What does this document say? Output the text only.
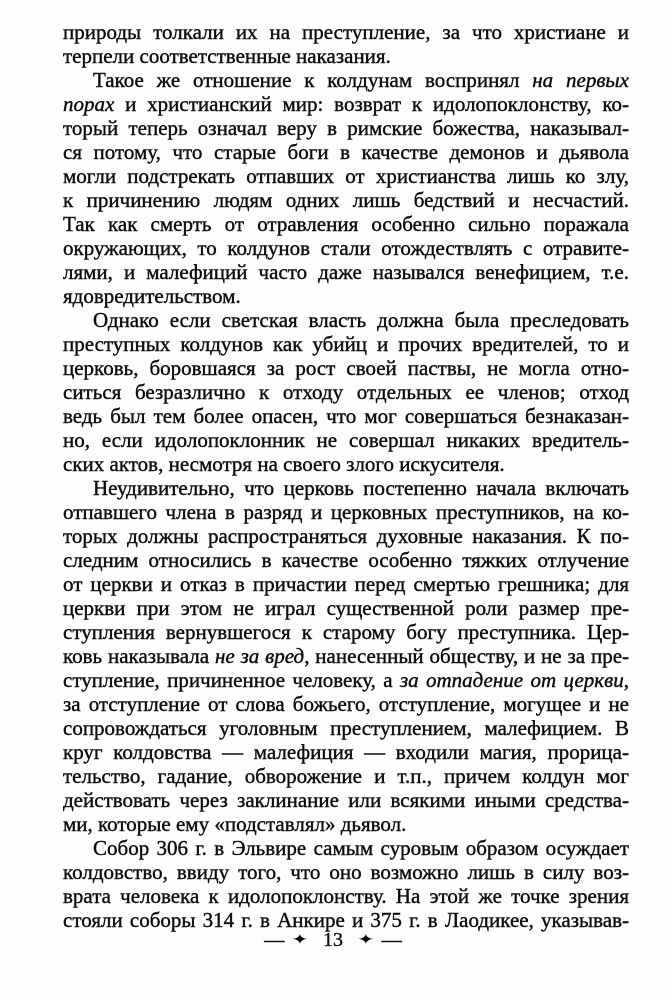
природы толкали их на преступление, за что христиане и
терпели соответственные наказания.
Такое же отношение к колдунам воспринял на первых
порах и христианский мир: возврат к идолопоклонству, ко-
торый теперь означал веру в римские божества, наказывал-
ся потому, что старые боги в качестве демонов и дьявола
могли подстрекать отпавших от христианства лишь ко злу,
к причинению людям одних лишь бедствий и несчастий.
Так как смерть от отравления особенно сильно поражала
окружающих, то колдунов стали отождествлять с отравите-
лями, и малефиций часто даже назывался венефицием, т.е.
ядовредительством.
Однако если светская власть должна была преследовать
преступных колдунов как убийц и прочих вредителей, то и
церковь, боровшаяся за рост своей паствы, не могла отно-
ситься безразлично к отходу отдельных ее членов; отход
ведь был тем более опасен, что мог совершаться безнаказан-
но, если идолопоклонник не совершал никаких вредитель-
ских актов, несмотря на своего злого искусителя.
Неудивительно, что церковь постепенно начала включать
отпавшего члена в разряд и церковных преступников, на ко-
торых должны распространяться духовные наказания. К по-
следним относились в качестве особенно тяжких отлучение
от церкви и отказ в причастии перед смертью грешника; для
церкви при этом не играл существенной роли размер пре-
ступления вернувшегося к старому богу преступника. Цер-
ковь наказывала не за вред, нанесенный обществу, и не за пре-
ступление, причиненное человеку, а за отпадение от церкви,
за отступление от слова божьего, отступление, могущее и не
сопровождаться уголовным преступлением, малефицием. В
круг колдовства — малефиция — входили магия, прорица-
тельство, гадание, обворожение и т.п., причем колдун мог
действовать через заклинание или всякими иными средства-
ми, которые ему «подставлял» дьявол.
Собор 306 г. в Эльвире самым суровым образом осуждает
колдовство, ввиду того, что оно возможно лишь в силу воз-
врата человека к идолопоклонству. На этой же точке зрения
стояли соборы 314 г. в Анкире и 375 г. в Лаодикее, указывав-
— ✦ 13 ✦ —
